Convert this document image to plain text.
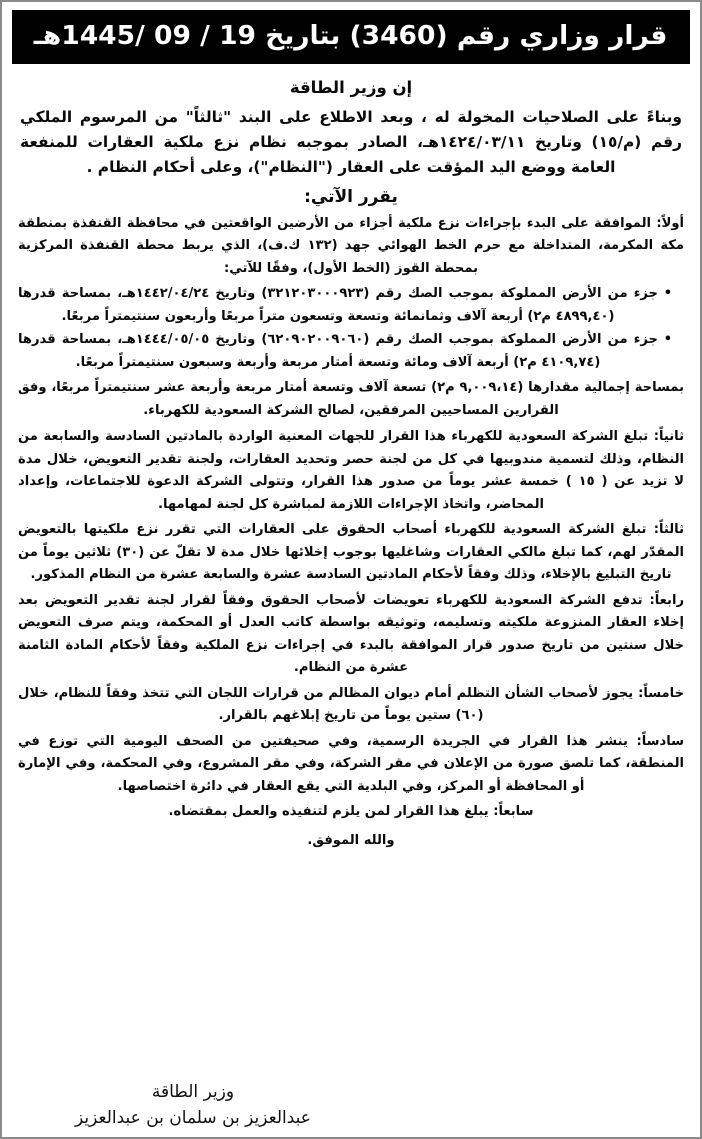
قرار وزاري رقم (3460) بتاريخ 19 / 09 /1445هـ
إن وزير الطاقة
وبناءً على الصلاحيات المخولة له ، وبعد الاطلاع على البند "ثالثاً" من المرسوم الملكي رقم (م/١٥) وتاريخ ١٤٢٤/٠٣/١١هـ، الصادر بموجبه نظام نزع ملكية العقارات للمنفعة العامة ووضع اليد المؤقت على العقار ("النظام")، وعلى أحكام النظام .
يقرر الآتي:

أولاً: الموافقة على البدء بإجراءات نزع ملكية أجزاء من الأرضين الواقعتين في محافظة القنفذة بمنطقة مكة المكرمة، المتداخلة مع حرم الخط الهوائي جهد (١٣٢ ك.ف)، الذي يربط محطة القنفذة المركزية بمحطة القوز (الخط الأول)، وفقًا للآتي:

• جزء من الأرض المملوكة بموجب الصك رقم (٣٢١٢٠٣٠٠٠٩٢٣) وتاريخ ١٤٤٢/٠٤/٢٤هـ، بمساحة قدرها (٤٨٩٩,٤٠ م٢) أربعة آلاف وثمانمائة وتسعة وتسعون متراً مربعًا وأربعون سنتيمتراً مربعًا.
• جزء من الأرض المملوكة بموجب الصك رقم (٦٢٠٩٠٢٠٠٩٠٦٠) وتاريخ ١٤٤٤/٠٥/٠٥هـ، بمساحة قدرها (٤١٠٩,٧٤ م٢) أربعة آلاف ومائة وتسعة أمتار مربعة وأربعة وسبعون سنتيمتراً مربعًا.

بمساحة إجمالية مقدارها (٩,٠٠٩،١٤ م٢) تسعة آلاف وتسعة أمتار مربعة وأربعة عشر سنتيمتراً مربعًا، وفق القرارين المساحيين المرفقين، لصالح الشركة السعودية للكهرباء.

ثانياً: تبلغ الشركة السعودية للكهرباء هذا القرار للجهات المعنية الواردة بالمادتين السادسة والسابعة من النظام، وذلك لتسمية مندوبيها في كل من لجنة حصر وتحديد العقارات، ولجنة تقدير التعويض، خلال مدة لا تزيد عن ( ١٥ ) خمسة عشر يوماً من صدور هذا القرار، وتتولى الشركة الدعوة للاجتماعات، وإعداد المحاضر، واتخاذ الإجراءات اللازمة لمباشرة كل لجنة لمهامها.

ثالثاً: تبلغ الشركة السعودية للكهرباء أصحاب الحقوق على العقارات التي تقرر نزع ملكيتها بالتعويض المقدّر لهم، كما تبلغ مالكي العقارات وشاغليها بوجوب إخلائها خلال مدة لا تقلّ عن (٣٠) ثلاثين يوماً من تاريخ التبليغ بالإخلاء، وذلك وفقاً لأحكام المادتين السادسة عشرة والسابعة عشرة من النظام المذكور.

رابعاً: تدفع الشركة السعودية للكهرباء تعويضات لأصحاب الحقوق وفقاً لقرار لجنة تقدير التعويض بعد إخلاء العقار المنزوعة ملكيته وتسليمه، وتوثيقه بواسطة كاتب العدل أو المحكمة، ويتم صرف التعويض خلال سنتين من تاريخ صدور قرار الموافقة بالبدء في إجراءات نزع الملكية وفقاً لأحكام المادة الثامنة عشرة من النظام.

خامساً: يجوز لأصحاب الشأن التظلم أمام ديوان المظالم من قرارات اللجان التي تتخذ وفقاً للنظام، خلال (٦٠) ستين يوماً من تاريخ إبلاغهم بالقرار.

سادساً: ينشر هذا القرار في الجريدة الرسمية، وفي صحيفتين من الصحف اليومية التي توزع في المنطقة، كما تلصق صورة من الإعلان في مقر الشركة، وفي مقر المشروع، وفي المحكمة، وفي الإمارة أو المحافظة أو المركز، وفي البلدية التي يقع العقار في دائرة اختصاصها.

سابعاً: يبلغ هذا القرار لمن يلزم لتنفيذه والعمل بمقتضاه.

والله الموفق.
وزير الطاقة
عبدالعزيز بن سلمان بن عبدالعزيز
